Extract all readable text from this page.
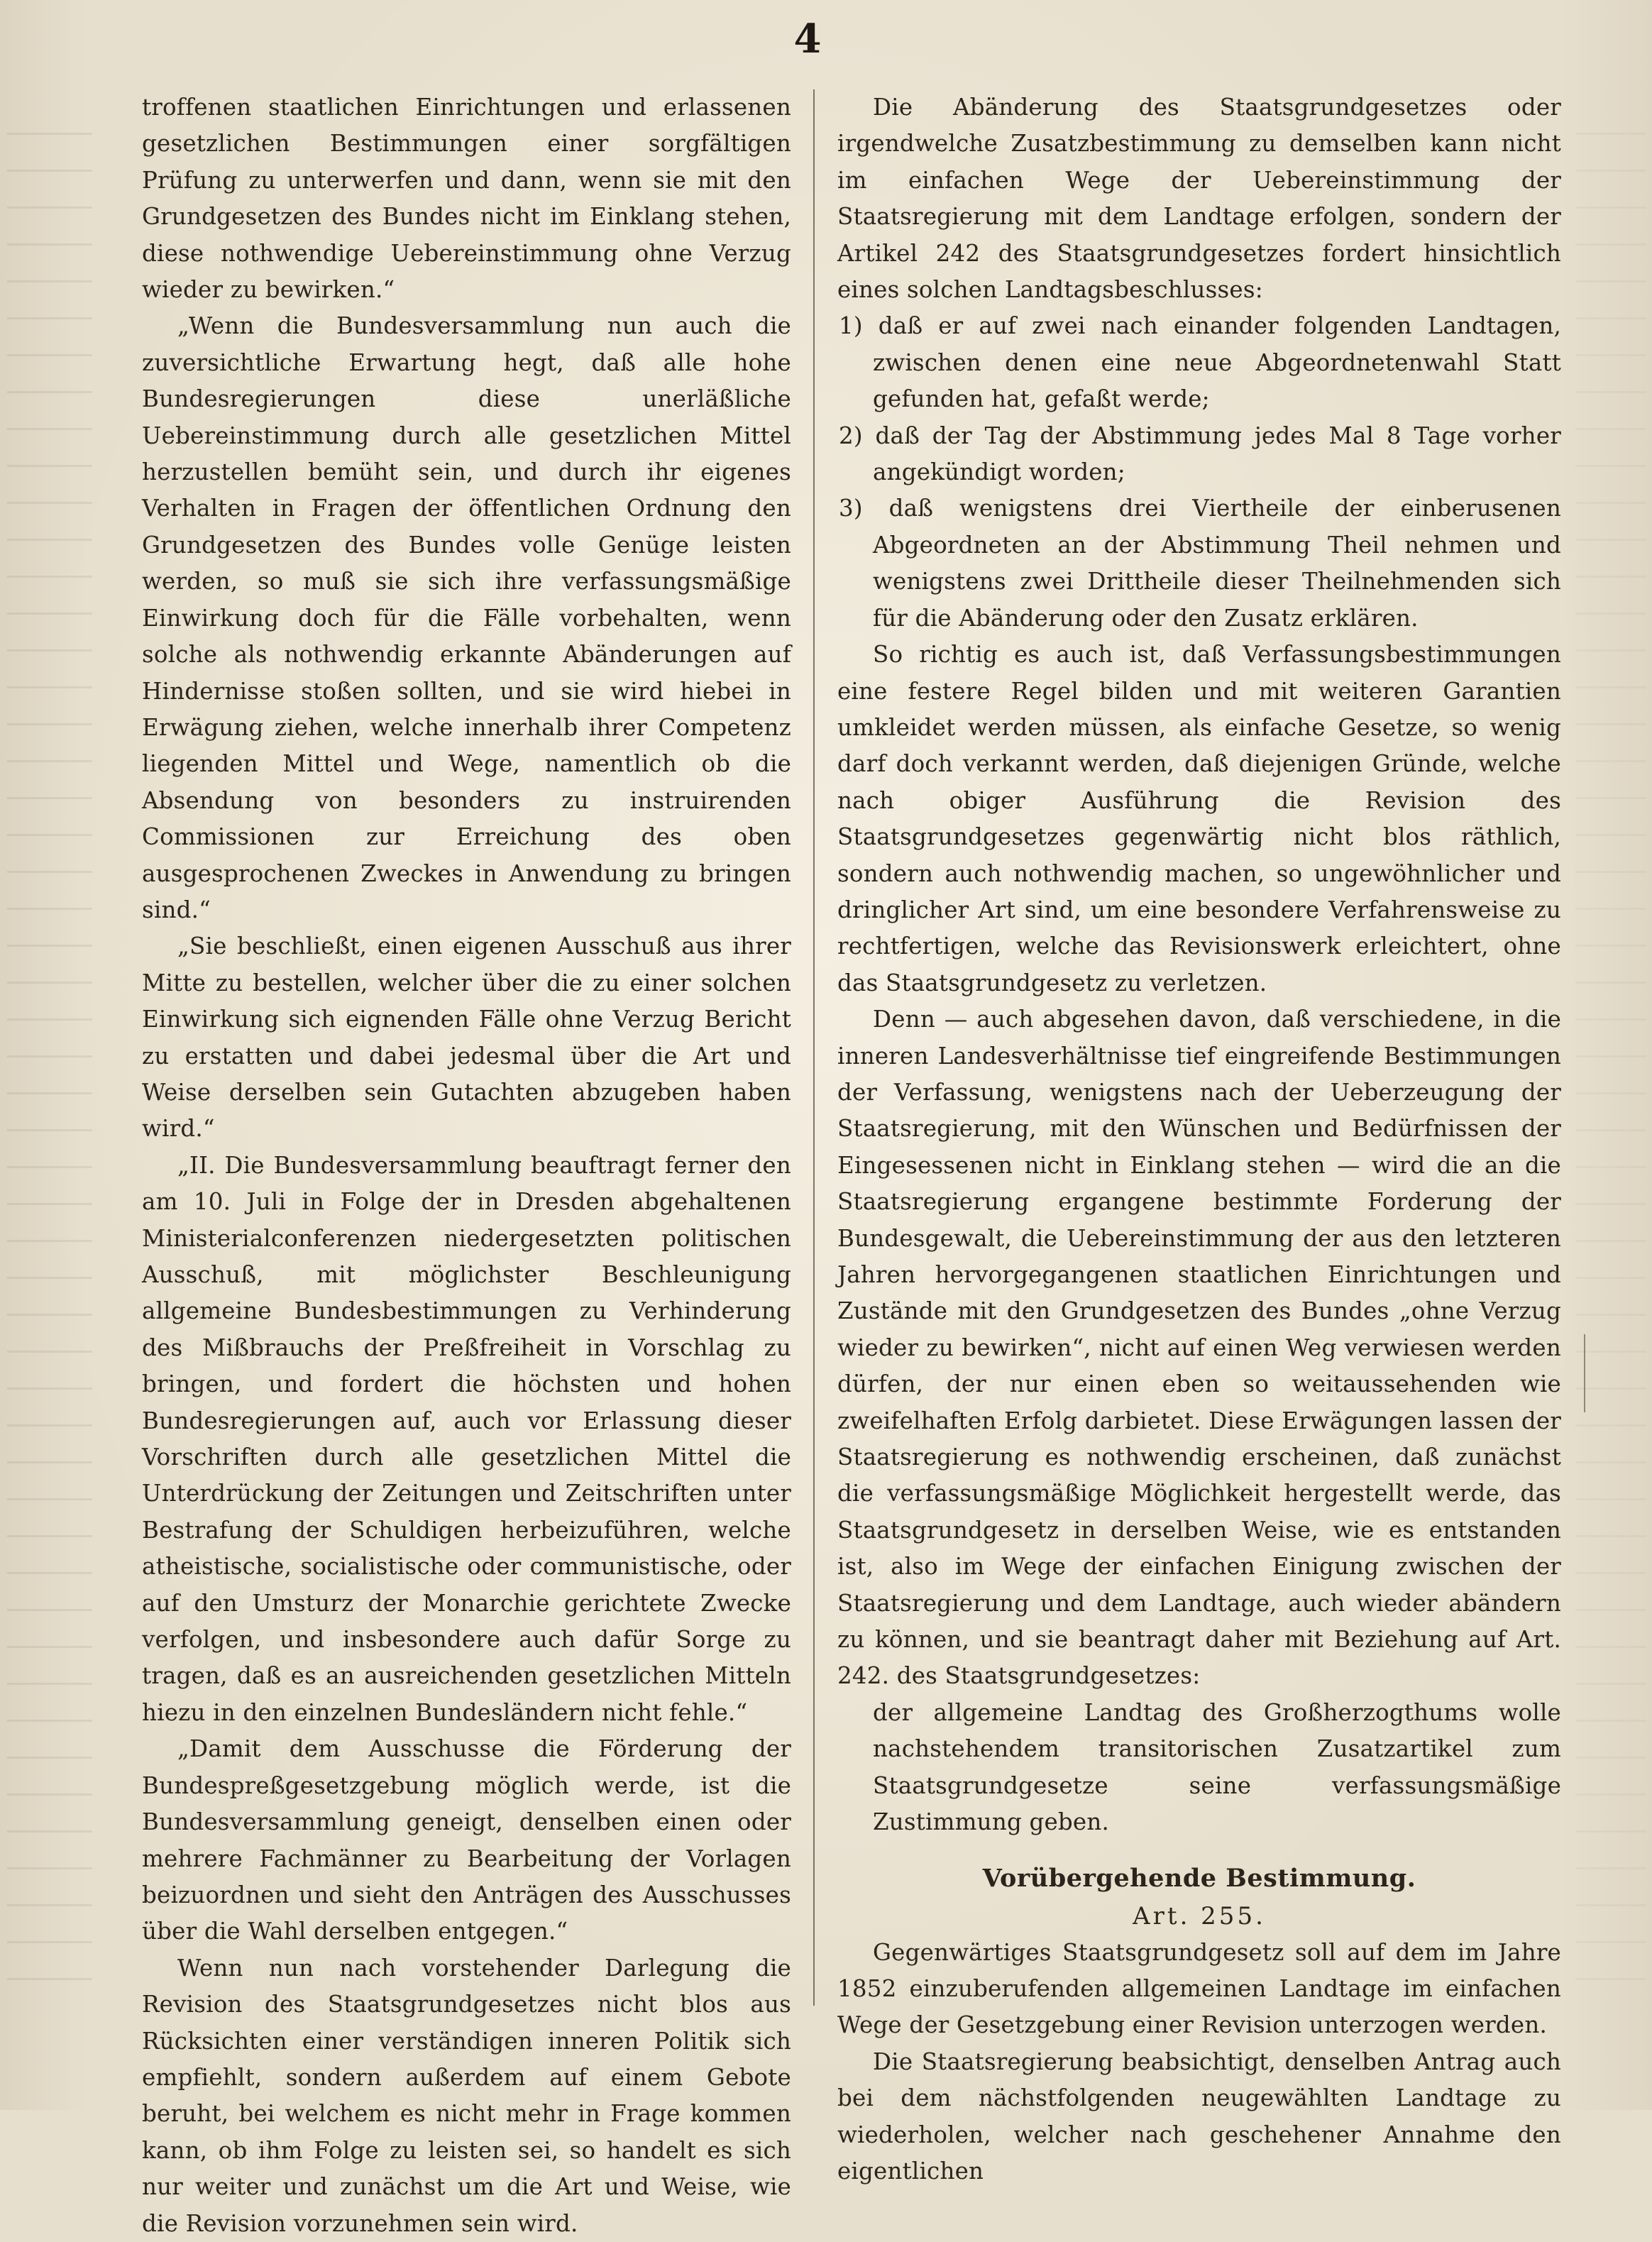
4

troffenen staatlichen Einrichtungen und erlassenen gesetzlichen Bestimmungen einer sorgfältigen Prüfung zu unterwerfen und dann, wenn sie mit den Grundgesetzen des Bundes nicht im Einklang stehen, diese nothwendige Uebereinstimmung ohne Verzug wieder zu bewirken.“

„Wenn die Bundesversammlung nun auch die zuversichtliche Erwartung hegt, daß alle hohe Bundesregierungen diese unerläßliche Uebereinstimmung durch alle gesetzlichen Mittel herzustellen bemüht sein, und durch ihr eigenes Verhalten in Fragen der öffentlichen Ordnung den Grundgesetzen des Bundes volle Genüge leisten werden, so muß sie sich ihre verfassungsmäßige Einwirkung doch für die Fälle vorbehalten, wenn solche als nothwendig erkannte Abänderungen auf Hindernisse stoßen sollten, und sie wird hiebei in Erwägung ziehen, welche innerhalb ihrer Competenz liegenden Mittel und Wege, namentlich ob die Absendung von besonders zu instruirenden Commissionen zur Erreichung des oben ausgesprochenen Zweckes in Anwendung zu bringen sind.“

„Sie beschließt, einen eigenen Ausschuß aus ihrer Mitte zu bestellen, welcher über die zu einer solchen Einwirkung sich eignenden Fälle ohne Verzug Bericht zu erstatten und dabei jedesmal über die Art und Weise derselben sein Gutachten abzugeben haben wird.“

„II. Die Bundesversammlung beauftragt ferner den am 10. Juli in Folge der in Dresden abgehaltenen Ministerialconferenzen niedergesetzten politischen Ausschuß, mit möglichster Beschleunigung allgemeine Bundesbestimmungen zu Verhinderung des Mißbrauchs der Preßfreiheit in Vorschlag zu bringen, und fordert die höchsten und hohen Bundesregierungen auf, auch vor Erlassung dieser Vorschriften durch alle gesetzlichen Mittel die Unterdrückung der Zeitungen und Zeitschriften unter Bestrafung der Schuldigen herbeizuführen, welche atheistische, socialistische oder communistische, oder auf den Umsturz der Monarchie gerichtete Zwecke verfolgen, und insbesondere auch dafür Sorge zu tragen, daß es an ausreichenden gesetzlichen Mitteln hiezu in den einzelnen Bundesländern nicht fehle.“

„Damit dem Ausschusse die Förderung der Bundespreßgesetzgebung möglich werde, ist die Bundesversammlung geneigt, denselben einen oder mehrere Fachmänner zu Bearbeitung der Vorlagen beizuordnen und sieht den Anträgen des Ausschusses über die Wahl derselben entgegen.“

Wenn nun nach vorstehender Darlegung die Revision des Staatsgrundgesetzes nicht blos aus Rücksichten einer verständigen inneren Politik sich empfiehlt, sondern außerdem auf einem Gebote beruht, bei welchem es nicht mehr in Frage kommen kann, ob ihm Folge zu leisten sei, so handelt es sich nur weiter und zunächst um die Art und Weise, wie die Revision vorzunehmen sein wird.

Die Abänderung des Staatsgrundgesetzes oder irgendwelche Zusatzbestimmung zu demselben kann nicht im einfachen Wege der Uebereinstimmung der Staatsregierung mit dem Landtage erfolgen, sondern der Artikel 242 des Staatsgrundgesetzes fordert hinsichtlich eines solchen Landtagsbeschlusses:

1) daß er auf zwei nach einander folgenden Landtagen, zwischen denen eine neue Abgeordnetenwahl Statt gefunden hat, gefaßt werde;

2) daß der Tag der Abstimmung jedes Mal 8 Tage vorher angekündigt worden;

3) daß wenigstens drei Viertheile der einberusenen Abgeordneten an der Abstimmung Theil nehmen und wenigstens zwei Drittheile dieser Theilnehmenden sich für die Abänderung oder den Zusatz erklären.

So richtig es auch ist, daß Verfassungsbestimmungen eine festere Regel bilden und mit weiteren Garantien umkleidet werden müssen, als einfache Gesetze, so wenig darf doch verkannt werden, daß diejenigen Gründe, welche nach obiger Ausführung die Revision des Staatsgrundgesetzes gegenwärtig nicht blos räthlich, sondern auch nothwendig machen, so ungewöhnlicher und dringlicher Art sind, um eine besondere Verfahrensweise zu rechtfertigen, welche das Revisionswerk erleichtert, ohne das Staatsgrundgesetz zu verletzen.

Denn — auch abgesehen davon, daß verschiedene, in die inneren Landesverhältnisse tief eingreifende Bestimmungen der Verfassung, wenigstens nach der Ueberzeugung der Staatsregierung, mit den Wünschen und Bedürfnissen der Eingesessenen nicht in Einklang stehen — wird die an die Staatsregierung ergangene bestimmte Forderung der Bundesgewalt, die Uebereinstimmung der aus den letzteren Jahren hervorgegangenen staatlichen Einrichtungen und Zustände mit den Grundgesetzen des Bundes „ohne Verzug wieder zu bewirken“, nicht auf einen Weg verwiesen werden dürfen, der nur einen eben so weitaussehenden wie zweifelhaften Erfolg darbietet. Diese Erwägungen lassen der Staatsregierung es nothwendig erscheinen, daß zunächst die verfassungsmäßige Möglichkeit hergestellt werde, das Staatsgrundgesetz in derselben Weise, wie es entstanden ist, also im Wege der einfachen Einigung zwischen der Staatsregierung und dem Landtage, auch wieder abändern zu können, und sie beantragt daher mit Beziehung auf Art. 242. des Staatsgrundgesetzes:

der allgemeine Landtag des Großherzogthums wolle nachstehendem transitorischen Zusatzartikel zum Staatsgrundgesetze seine verfassungsmäßige Zustimmung geben.

Vorübergehende Bestimmung.
Art. 255.

Gegenwärtiges Staatsgrundgesetz soll auf dem im Jahre 1852 einzuberufenden allgemeinen Landtage im einfachen Wege der Gesetzgebung einer Revision unterzogen werden.

Die Staatsregierung beabsichtigt, denselben Antrag auch bei dem nächstfolgenden neugewählten Landtage zu wiederholen, welcher nach geschehener Annahme den eigentlichen
